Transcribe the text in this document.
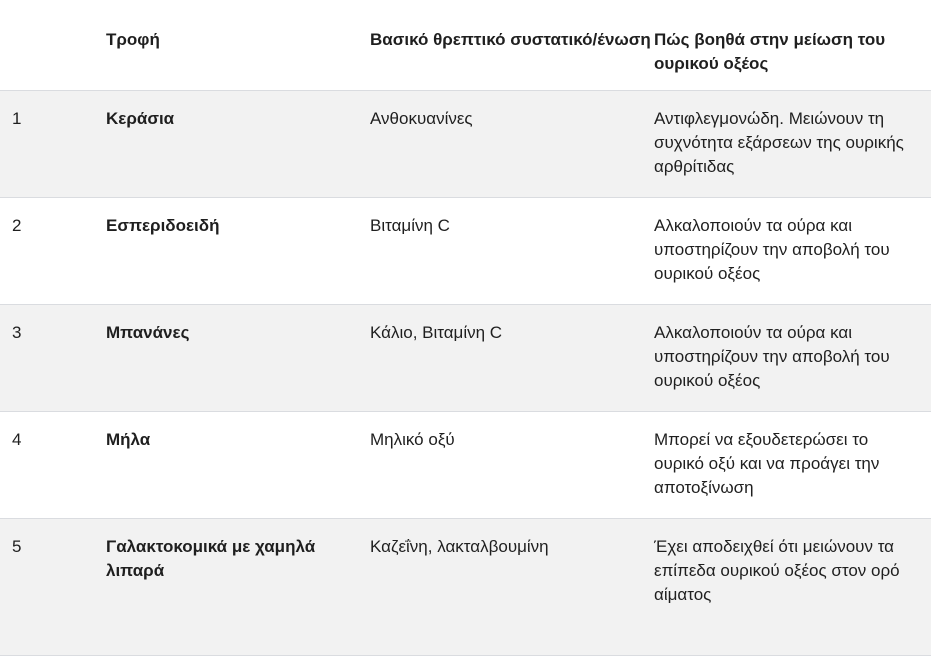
	Τροφή	Βασικό θρεπτικό συστατικό/ένωση	Πώς βοηθά στην μείωση του ουρικού οξέος
1	Κεράσια	Ανθοκυανίνες	Αντιφλεγμονώδη. Μειώνουν τη συχνότητα εξάρσεων της ουρικής αρθρίτιδας
2	Εσπεριδοειδή	Βιταμίνη C	Αλκαλοποιούν τα ούρα και υποστηρίζουν την αποβολή του ουρικού οξέος
3	Μπανάνες	Κάλιο, Βιταμίνη C	Αλκαλοποιούν τα ούρα και υποστηρίζουν την αποβολή του ουρικού οξέος
4	Μήλα	Μηλικό οξύ	Μπορεί να εξουδετερώσει το ουρικό οξύ και να προάγει την αποτοξίνωση
5	Γαλακτοκομικά με χαμηλά λιπαρά	Καζεΐνη, λακταλβουμίνη	Έχει αποδειχθεί ότι μειώνουν τα επίπεδα ουρικού οξέος στον ορό αίματος
